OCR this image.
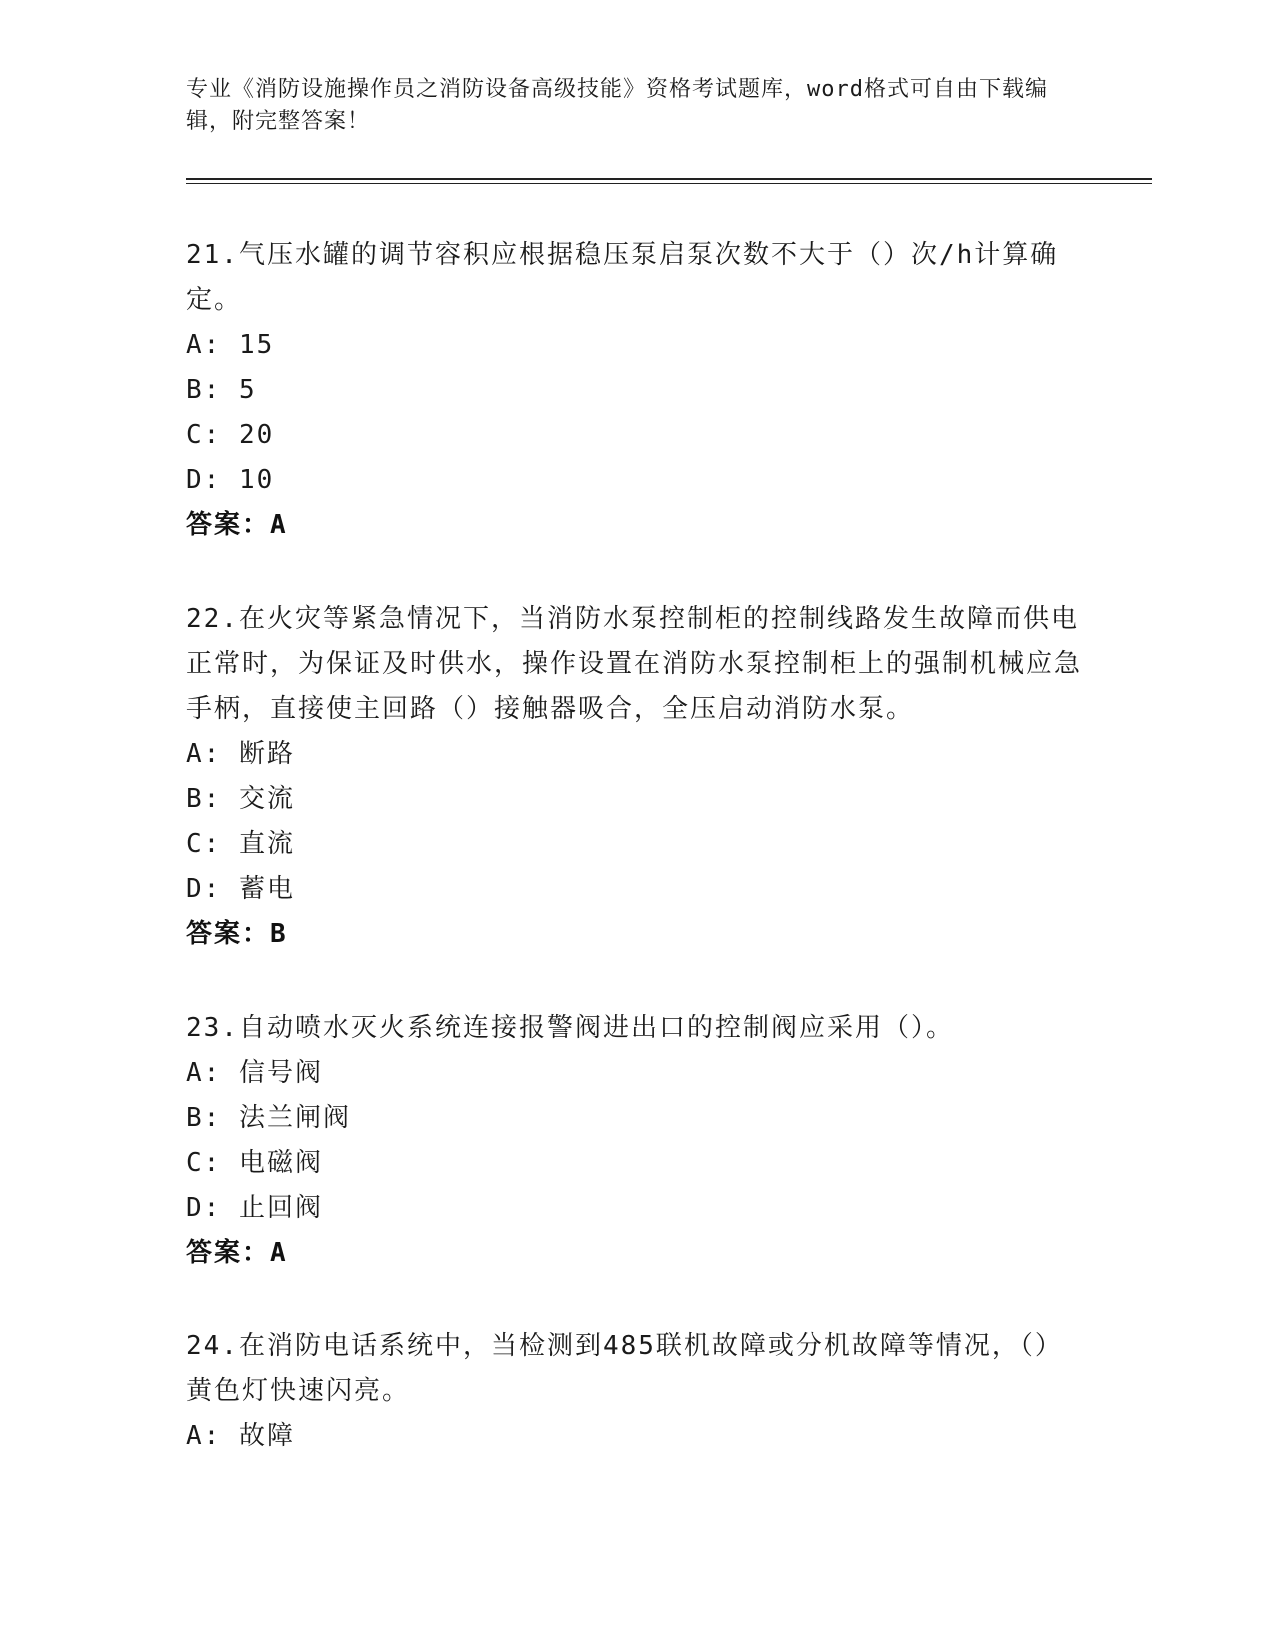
专业《消防设施操作员之消防设备高级技能》资格考试题库，word格式可自由下载编辑，附完整答案！
21.气压水罐的调节容积应根据稳压泵启泵次数不大于（）次/h计算确定。
A: 15
B: 5
C: 20
D: 10
答案：A
22.在火灾等紧急情况下，当消防水泵控制柜的控制线路发生故障而供电正常时，为保证及时供水，操作设置在消防水泵控制柜上的强制机械应急手柄，直接使主回路（）接触器吸合，全压启动消防水泵。
A: 断路
B: 交流
C: 直流
D: 蓄电
答案：B
23.自动喷水灭火系统连接报警阀进出口的控制阀应采用（）。
A: 信号阀
B: 法兰闸阀
C: 电磁阀
D: 止回阀
答案：A
24.在消防电话系统中，当检测到485联机故障或分机故障等情况，（）黄色灯快速闪亮。
A: 故障
